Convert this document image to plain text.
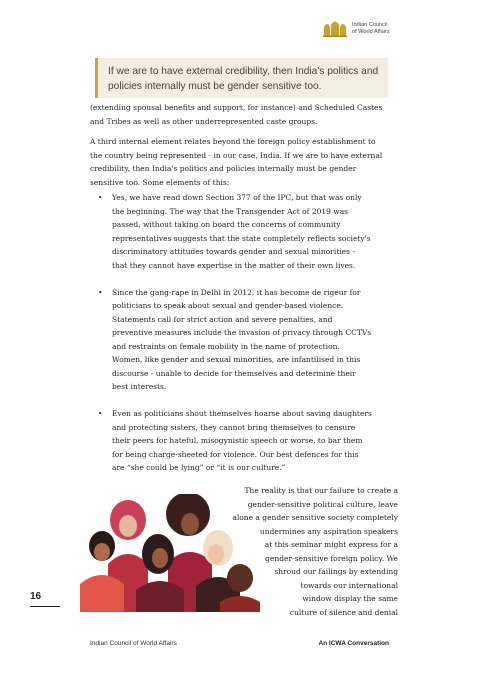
Indian Council
of World Affairs
If we are to have external credibility, then India's politics and policies internally must be gender sensitive too.

(extending spousal benefits and support, for instance) and Scheduled Castes and Tribes as well as other underrepresented caste groups.

A third internal element relates beyond the foreign policy establishment to the country being represented - in our case, India. If we are to have external credibility, then India's politics and policies internally must be gender sensitive too. Some elements of this:

• Yes, we have read down Section 377 of the IPC, but that was only the beginning. The way that the Transgender Act of 2019 was passed, without taking on board the concerns of community representatives suggests that the state completely reflects society's discriminatory attitudes towards gender and sexual minorities - that they cannot have expertise in the matter of their own lives.
• Since the gang-rape in Delhi in 2012, it has become de rigeur for politicians to speak about sexual and gender-based violence. Statements call for strict action and severe penalties, and preventive measures include the invasion of privacy through CCTVs and restraints on female mobility in the name of protection. Women, like gender and sexual minorities, are infantilised in this discourse - unable to decide for themselves and determine their best interests.
• Even as politicians shout themselves hoarse about saving daughters and protecting sisters, they cannot bring themselves to censure their peers for hateful, misogynistic speech or worse, to bar them for being charge-sheeted for violence. Our best defences for this are “she could be lying” or “it is our culture.”
The reality is that our failure to create a
gender-sensitive political culture, leave
alone a gender sensitive society completely
undermines any aspiration speakers
at this seminar might express for a
gender-sensitive foreign policy. We
shroud our failings by extending
towards our international
window display the same
culture of silence and denial
16
Indian Council of World Affairs	An ICWA Conversation
